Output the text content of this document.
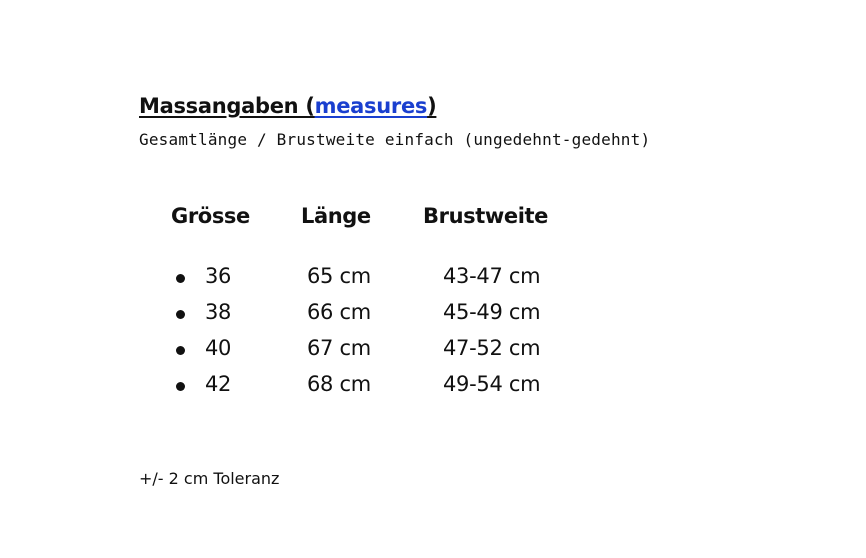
Massangaben (measures)
Gesamtlänge / Brustweite einfach (ungedehnt-gedehnt)
Grösse Länge Brustweite
36	65 cm	43-47 cm
38	66 cm	45-49 cm
40	67 cm	47-52 cm
42	68 cm	49-54 cm
+/- 2 cm Toleranz
